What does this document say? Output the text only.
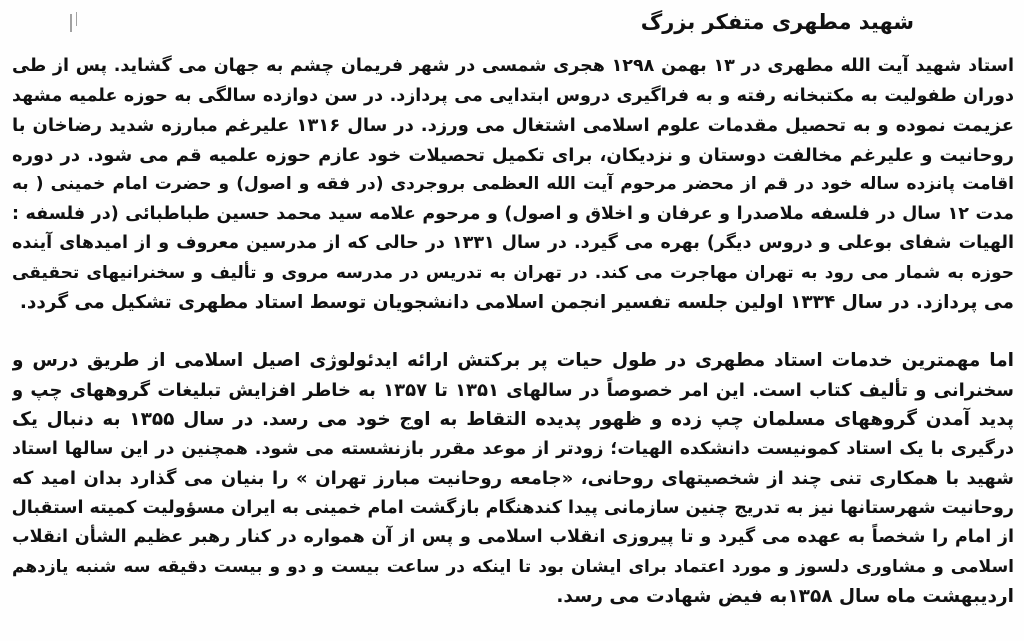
شهید مطهری متفکر بزرگ
استاد شهید آیت الله مطهری در ۱۳ بهمن ۱۲۹۸ هجری شمسی در شهر فریمان چشم به جهان می گشاید. پس از طی
دوران طفولیت به مکتبخانه رفته و به فراگیری دروس ابتدایی می پردازد. در سن دوازده سالگی به حوزه علمیه مشهد
عزیمت نموده و به تحصیل مقدمات علوم اسلامی اشتغال می ورزد. در سال ۱۳۱۶ علیرغم مبارزه شدید رضاخان با
روحانیت و علیرغم مخالفت دوستان و نزدیکان، برای تکمیل تحصیلات خود عازم حوزه علمیه قم می شود. در دوره
اقامت پانزده ساله خود در قم از محضر مرحوم آیت الله العظمی بروجردی (در فقه و اصول) و حضرت امام خمینی ( به
مدت ۱۲ سال در فلسفه ملاصدرا و عرفان و اخلاق و اصول) و مرحوم علامه سید محمد حسین طباطبائی (در فلسفه :
الهیات شفای بوعلی و دروس دیگر) بهره می گیرد. در سال ۱۳۳۱ در حالی که از مدرسین معروف و از امیدهای آینده
حوزه به شمار می رود به تهران مهاجرت می کند. در تهران به تدریس در مدرسه مروی و تألیف و سخنرانیهای تحقیقی
می پردازد. در سال ۱۳۳۴ اولین جلسه تفسیر انجمن اسلامی دانشجویان توسط استاد مطهری تشکیل می گردد.
اما مهمترین خدمات استاد مطهری در طول حیات پر برکتش ارائه ایدئولوژی اصیل اسلامی از طریق درس و
سخنرانی و تألیف کتاب است. این امر خصوصاً در سالهای ۱۳۵۱ تا ۱۳۵۷ به خاطر افزایش تبلیغات گروههای چپ و
پدید آمدن گروههای مسلمان چپ زده و ظهور پدیده التقاط به اوج خود می رسد. در سال ۱۳۵۵ به دنبال یک
درگیری با یک استاد کمونیست دانشکده الهیات؛ زودتر از موعد مقرر بازنشسته می شود. همچنین در این سالها استاد
شهید با همکاری تنی چند از شخصیتهای روحانی، «جامعه روحانیت مبارز تهران » را بنیان می گذارد بدان امید که
روحانیت شهرستانها نیز به تدریج چنین سازمانی پیدا کندهنگام بازگشت امام خمینی به ایران مسؤولیت کمیته استقبال
از امام را شخصاً به عهده می گیرد و تا پیروزی انقلاب اسلامی و پس از آن همواره در کنار رهبر عظیم الشأن انقلاب
اسلامی و مشاوری دلسوز و مورد اعتماد برای ایشان بود تا اینکه در ساعت بیست و دو و بیست دقیقه سه شنبه یازدهم
اردیبهشت ماه سال ۱۳۵۸به فیض شهادت می رسد.
